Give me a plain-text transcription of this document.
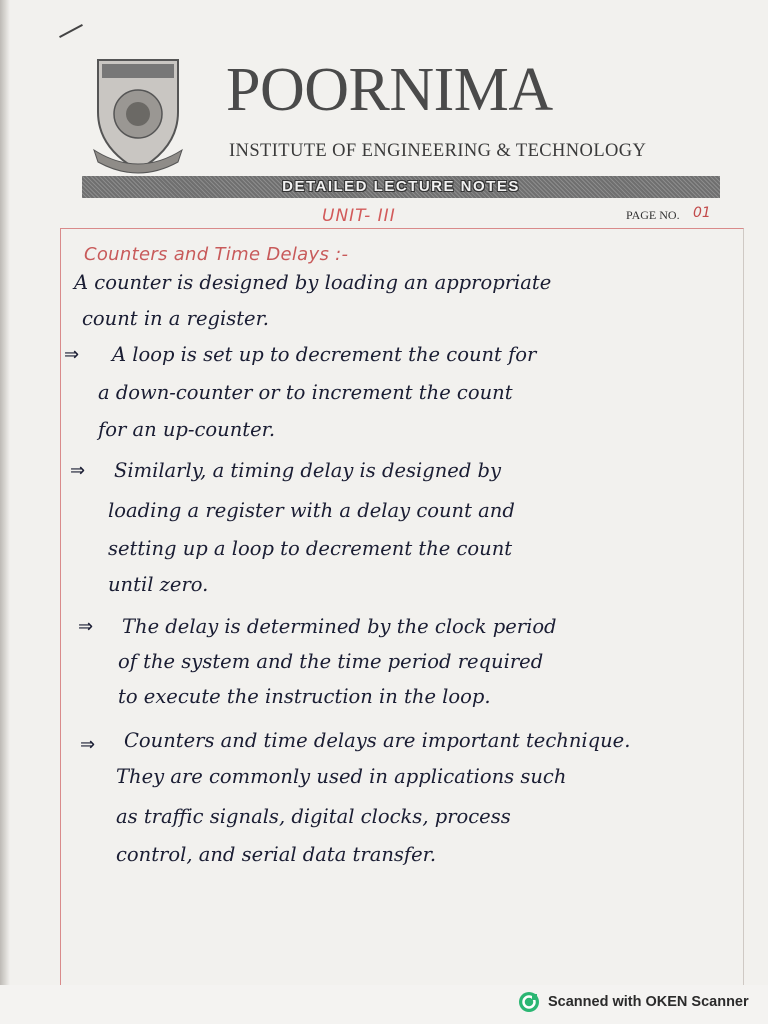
POORNIMA
INSTITUTE OF ENGINEERING & TECHNOLOGY
DETAILED LECTURE NOTES
UNIT- III	PAGE NO. 01
Counters and Time Delays :-

A counter is designed by loading an appropriate

count in a register.

⇒ A loop is set up to decrement the count for

a down-counter or to increment the count

for an up-counter.

⇒ Similarly, a timing delay is designed by

loading a register with a delay count and

setting up a loop to decrement the count

until zero.

⇒ The delay is determined by the clock period

of the system and the time period required

to execute the instruction in the loop.

⇒ Counters and time delays are important technique.

They are commonly used in applications such

as traffic signals, digital clocks, process

control, and serial data transfer.

Scanned with OKEN Scanner
